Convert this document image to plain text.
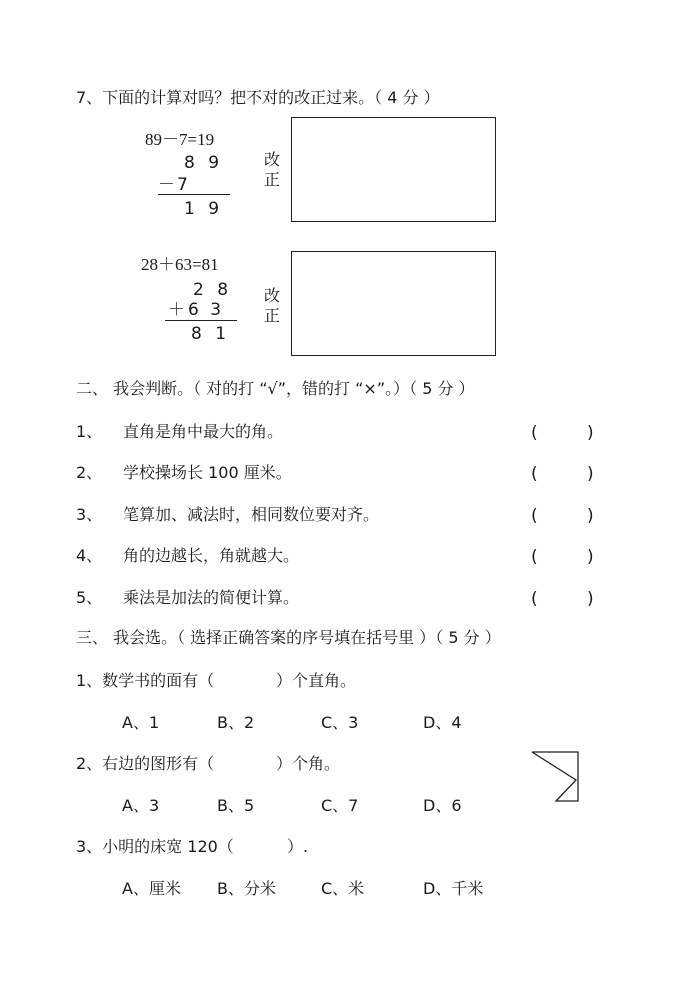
7、下面的计算对吗？把不对的改正过来。（ 4 分 ）
89－7=19
8 9
－7
1 9
改
正
28＋63=81
2 8
＋6 3
8 1
改
正
二、 我会判断。（ 对的打 “√”，错的打 “×”。）（ 5 分 ）
1、 直角是角中最大的角。	(	)
2、 学校操场长 100 厘米。	(	)
3、 笔算加、减法时，相同数位要对齐。	(	)
4、 角的边越长，角就越大。	(	)
5、 乘法是加法的简便计算。	(	)
三、 我会选。（ 选择正确答案的序号填在括号里 ）（ 5 分 ）
1、数学书的面有（	）个直角。
A、1	B、2	C、3	D、4
2、右边的图形有（	）个角。
A、3	B、5	C、7	D、6
3、小明的床宽 120（	）.
A、厘米 B、分米	C、米	D、千米
